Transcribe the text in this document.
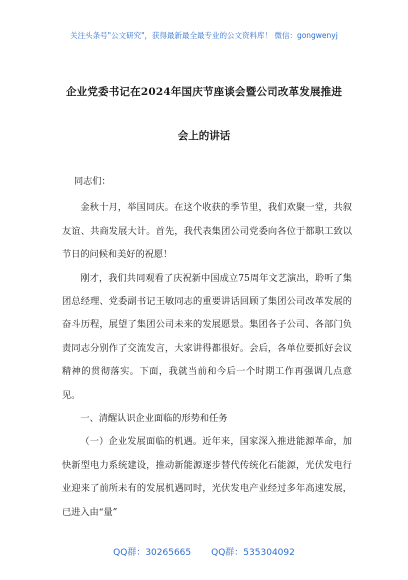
关注头条号"公文研究"，获得最新最全最专业的公文资料库！ 微信：gongwenyj
企业党委书记在2024年国庆节座谈会暨公司改革发展推进
会上的讲话

同志们：

金秋十月，举国同庆。在这个收获的季节里，我们欢聚一堂，共叙友谊、共商发展大计。首先，我代表集团公司党委向各位于都职工致以节日的问候和美好的祝愿！

刚才，我们共同观看了庆祝新中国成立75周年文艺演出，聆听了集团总经理、党委副书记王敏同志的重要讲话回顾了集团公司改革发展的奋斗历程，展望了集团公司未来的发展愿景。集团各子公司、各部门负责同志分别作了交流发言，大家讲得都很好。会后，各单位要抓好会议精神的贯彻落实。下面，我就当前和今后一个时期工作再强调几点意见。

一、清醒认识企业面临的形势和任务

（一）企业发展面临的机遇。近年来，国家深入推进能源革命，加快新型电力系统建设，推动新能源逐步替代传统化石能源，光伏发电行业迎来了前所未有的发展机遇同时，光伏发电产业经过多年高速发展，已进入由“量”

QQ群：30265665 QQ群：535304092
